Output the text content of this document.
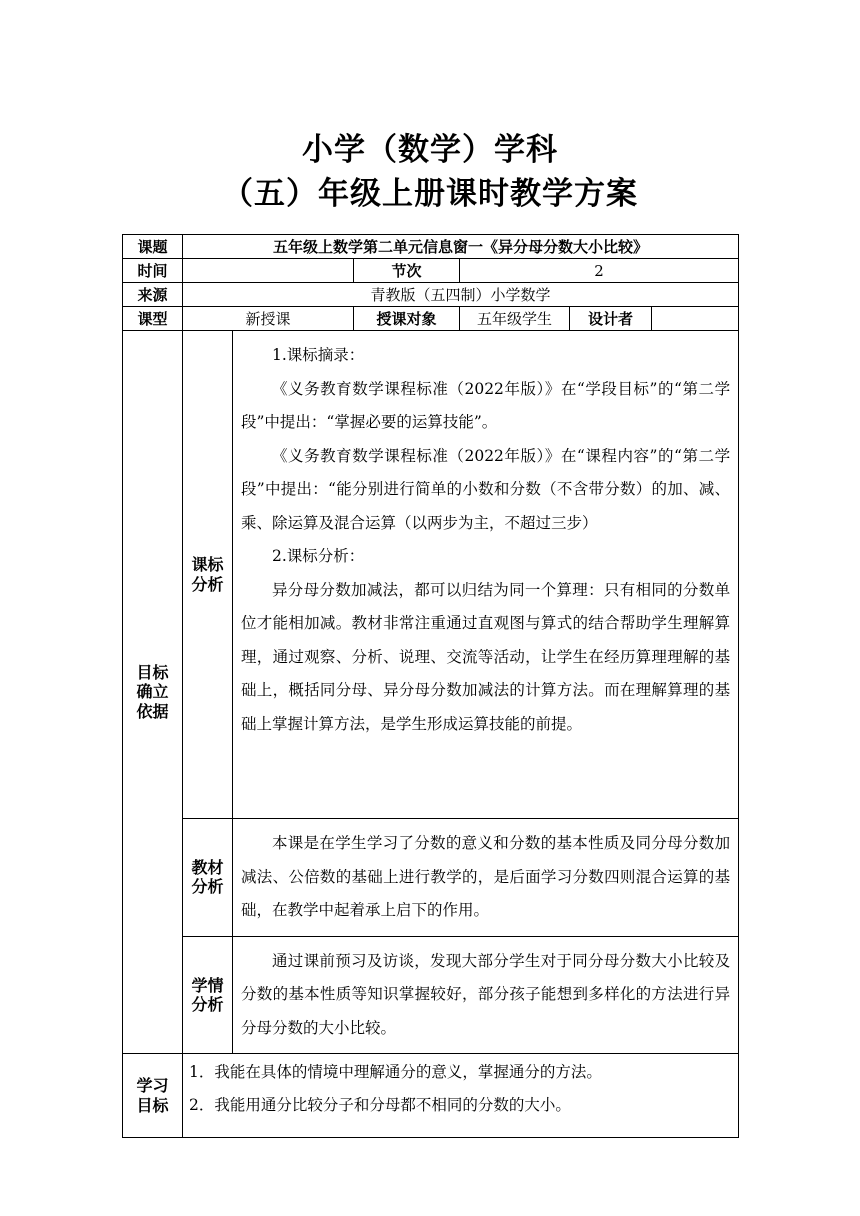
小学（数学）学科
（五）年级上册课时教学方案
课题	五年级上数学第二单元信息窗一《异分母分数大小比较》					
时间			节次	2		
来源	青教版（五四制）小学数学					
课型	新授课		授课对象	五年级学生	设计者	

目标确立依据	课标分析	1.课标摘录：

《义务教育数学课程标准（2022年版）》在“学段目标”的“第二学段”中提出：“掌握必要的运算技能”。

《义务教育数学课程标准（2022年版）》在“课程内容”的“第二学段”中提出：“能分别进行简单的小数和分数（不含带分数）的加、减、乘、除运算及混合运算（以两步为主，不超过三步）

2.课标分析：

异分母分数加减法，都可以归结为同一个算理：只有相同的分数单位才能相加减。教材非常注重通过直观图与算式的结合帮助学生理解算理，通过观察、分析、说理、交流等活动，让学生在经历算理理解的基础上，概括同分母、异分母分数加减法的计算方法。而在理解算理的基础上掌握计算方法，是学生形成运算技能的前提。				

	教材分析	本课是在学生学习了分数的意义和分数的基本性质及同分母分数加减法、公倍数的基础上进行教学的，是后面学习分数四则混合运算的基础，在教学中起着承上启下的作用。				

	学情分析	通过课前预习及访谈，发现大部分学生对于同分母分数大小比较及分数的基本性质等知识掌握较好，部分孩子能想到多样化的方法进行异分母分数的大小比较。				

学习目标	1．我能在具体的情境中理解通分的意义，掌握通分的方法。

2．我能用通分比较分子和分母都不相同的分数的大小。					
